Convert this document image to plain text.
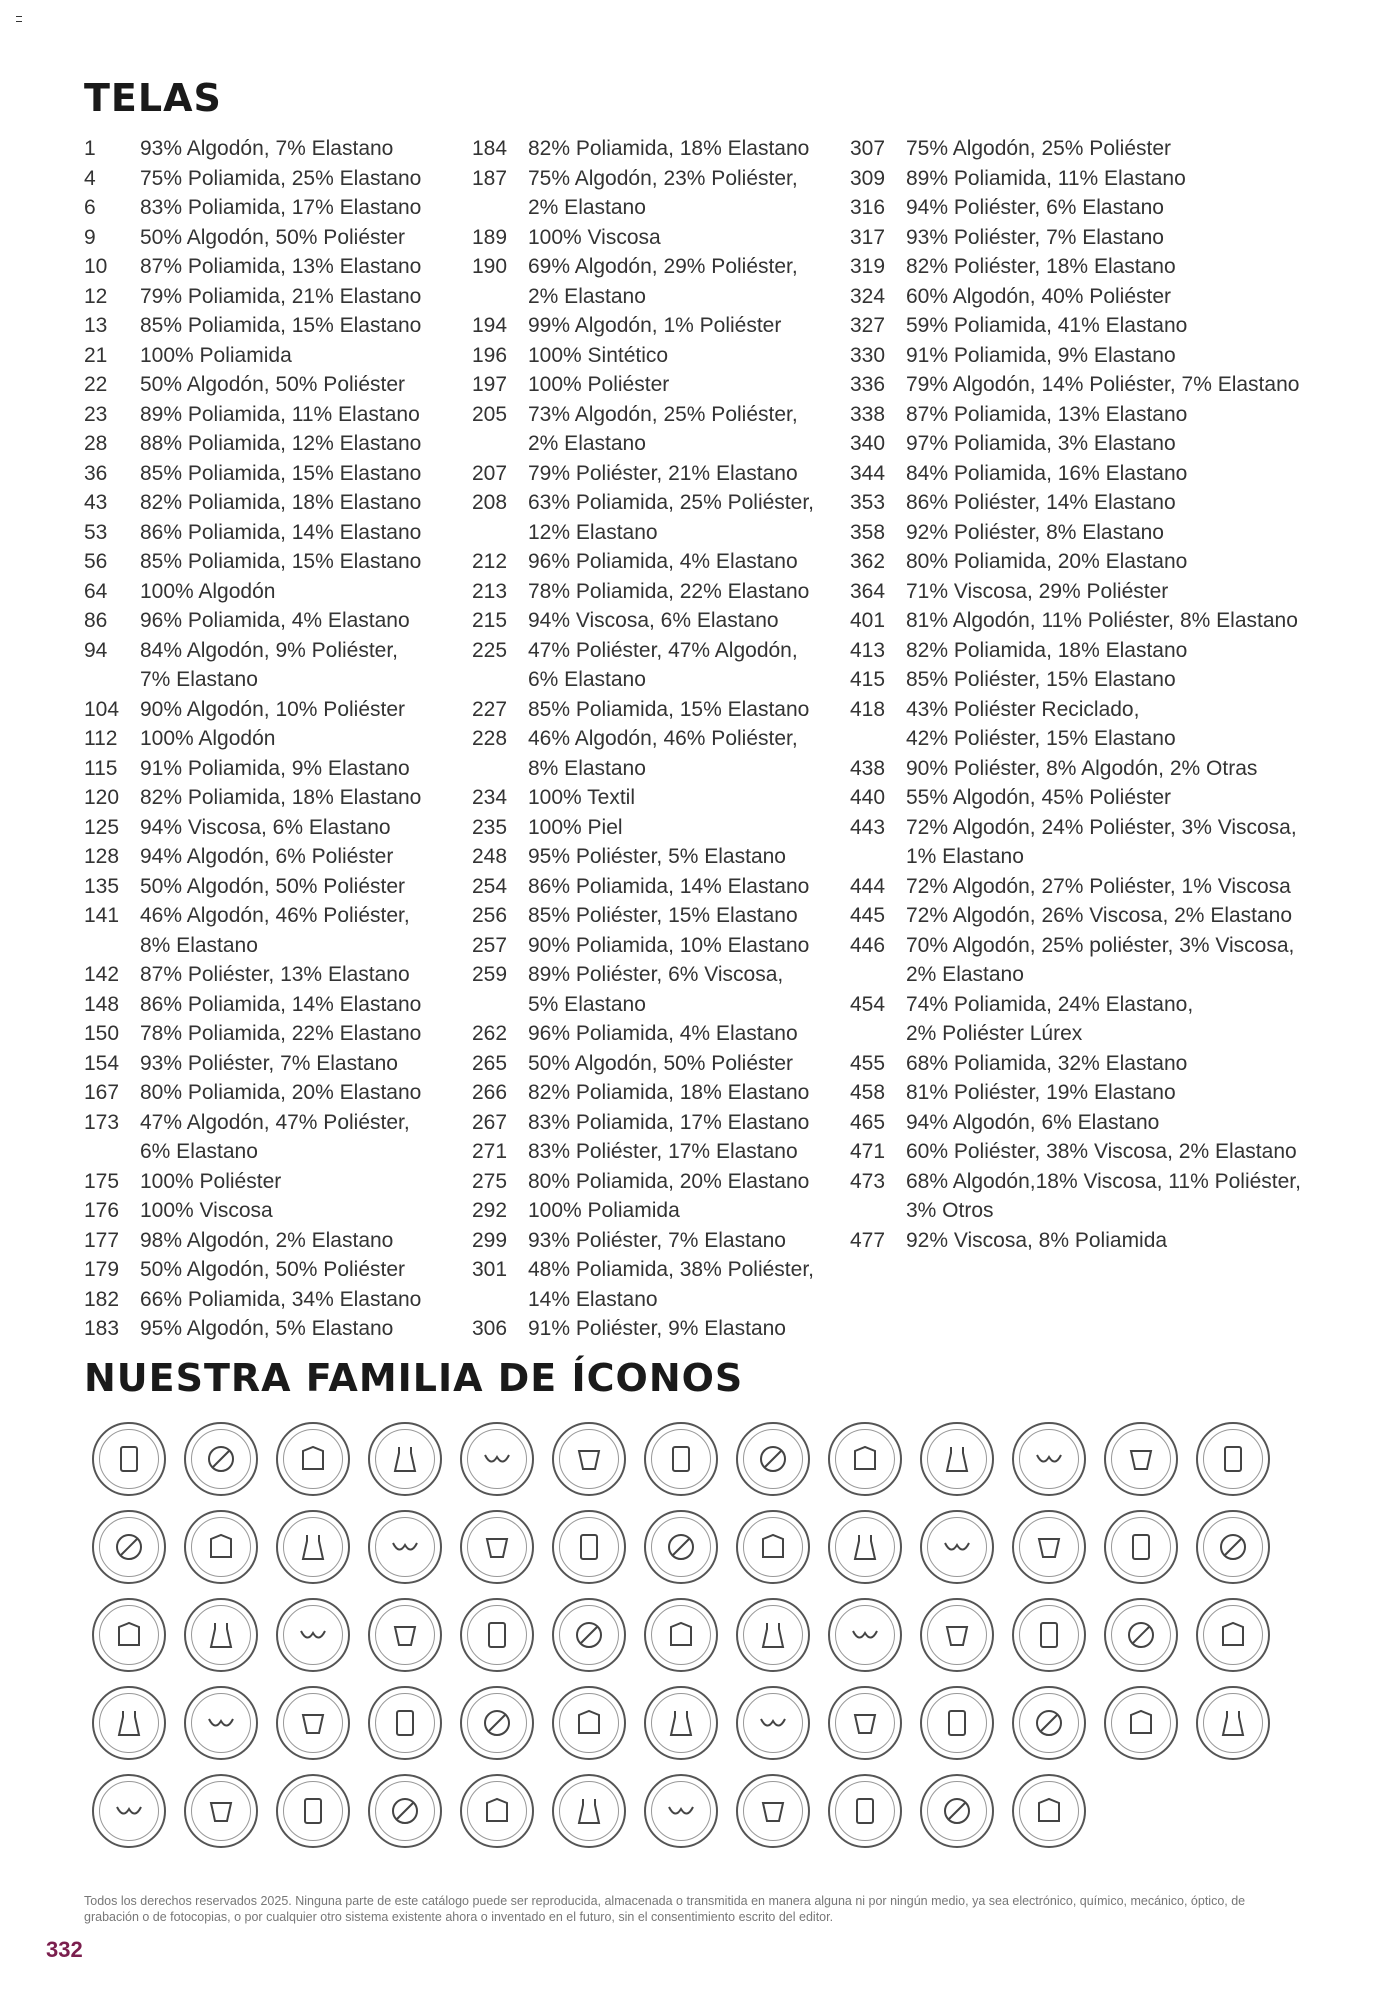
TELAS
1	93% Algodón, 7% Elastano
4	75% Poliamida, 25% Elastano
6	83% Poliamida, 17% Elastano
9	50% Algodón, 50% Poliéster
10	87% Poliamida, 13% Elastano
12	79% Poliamida, 21% Elastano
13	85% Poliamida, 15% Elastano
21	100% Poliamida
22	50% Algodón, 50% Poliéster
23	89% Poliamida, 11% Elastano
28	88% Poliamida, 12% Elastano
36	85% Poliamida, 15% Elastano
43	82% Poliamida, 18% Elastano
53	86% Poliamida, 14% Elastano
56	85% Poliamida, 15% Elastano
64	100% Algodón
86	96% Poliamida, 4% Elastano
94	84% Algodón, 9% Poliéster,
7% Elastano
104 90% Algodón, 10% Poliéster
112	100% Algodón
115	91% Poliamida, 9% Elastano
120 82% Poliamida, 18% Elastano
125 94% Viscosa, 6% Elastano
128 94% Algodón, 6% Poliéster
135 50% Algodón, 50% Poliéster
141 46% Algodón, 46% Poliéster,
8% Elastano
142 87% Poliéster, 13% Elastano
148 86% Poliamida, 14% Elastano
150 78% Poliamida, 22% Elastano
154 93% Poliéster, 7% Elastano
167 80% Poliamida, 20% Elastano
173 47% Algodón, 47% Poliéster,
6% Elastano
175 100% Poliéster
176 100% Viscosa
177 98% Algodón, 2% Elastano
179 50% Algodón, 50% Poliéster
182 66% Poliamida, 34% Elastano
183 95% Algodón, 5% Elastano
184 82% Poliamida, 18% Elastano
187 75% Algodón, 23% Poliéster,
2% Elastano
189 100% Viscosa
190 69% Algodón, 29% Poliéster,
2% Elastano
194 99% Algodón, 1% Poliéster
196 100% Sintético
197 100% Poliéster
205 73% Algodón, 25% Poliéster,
2% Elastano
207 79% Poliéster, 21% Elastano
208 63% Poliamida, 25% Poliéster,
12% Elastano
212 96% Poliamida, 4% Elastano
213 78% Poliamida, 22% Elastano
215 94% Viscosa, 6% Elastano
225 47% Poliéster, 47% Algodón,
6% Elastano
227 85% Poliamida, 15% Elastano
228 46% Algodón, 46% Poliéster,
8% Elastano
234 100% Textil
235 100% Piel
248 95% Poliéster, 5% Elastano
254 86% Poliamida, 14% Elastano
256 85% Poliéster, 15% Elastano
257 90% Poliamida, 10% Elastano
259 89% Poliéster, 6% Viscosa,
5% Elastano
262 96% Poliamida, 4% Elastano
265 50% Algodón, 50% Poliéster
266 82% Poliamida, 18% Elastano
267 83% Poliamida, 17% Elastano
271 83% Poliéster, 17% Elastano
275 80% Poliamida, 20% Elastano
292 100% Poliamida
299 93% Poliéster, 7% Elastano
301 48% Poliamida, 38% Poliéster,
14% Elastano
306 91% Poliéster, 9% Elastano
307 75% Algodón, 25% Poliéster
309 89% Poliamida, 11% Elastano
316 94% Poliéster, 6% Elastano
317 93% Poliéster, 7% Elastano
319 82% Poliéster, 18% Elastano
324 60% Algodón, 40% Poliéster
327 59% Poliamida, 41% Elastano
330 91% Poliamida, 9% Elastano
336 79% Algodón, 14% Poliéster, 7% Elastano
338 87% Poliamida, 13% Elastano
340 97% Poliamida, 3% Elastano
344 84% Poliamida, 16% Elastano
353 86% Poliéster, 14% Elastano
358 92% Poliéster, 8% Elastano
362 80% Poliamida, 20% Elastano
364 71% Viscosa, 29% Poliéster
401 81% Algodón, 11% Poliéster, 8% Elastano
413 82% Poliamida, 18% Elastano
415 85% Poliéster, 15% Elastano
418 43% Poliéster Reciclado,
42% Poliéster, 15% Elastano
438 90% Poliéster, 8% Algodón, 2% Otras
440 55% Algodón, 45% Poliéster
443 72% Algodón, 24% Poliéster, 3% Viscosa,
1% Elastano
444 72% Algodón, 27% Poliéster, 1% Viscosa
445 72% Algodón, 26% Viscosa, 2% Elastano
446 70% Algodón, 25% poliéster, 3% Viscosa,
2% Elastano
454 74% Poliamida, 24% Elastano,
2% Poliéster Lúrex
455 68% Poliamida, 32% Elastano
458 81% Poliéster, 19% Elastano
465 94% Algodón, 6% Elastano
471 60% Poliéster, 38% Viscosa, 2% Elastano
473 68% Algodón,18% Viscosa, 11% Poliéster,
3% Otros
477 92% Viscosa, 8% Poliamida
NUESTRA FAMILIA DE ÍCONOS

Todos los derechos reservados 2025. Ninguna parte de este catálogo puede ser reproducida, almacenada o transmitida en manera alguna ni por ningún medio, ya sea electrónico, químico, mecánico, óptico, de grabación o de fotocopias, o por cualquier otro sistema existente ahora o inventado en el futuro, sin el consentimiento escrito del editor.

332
